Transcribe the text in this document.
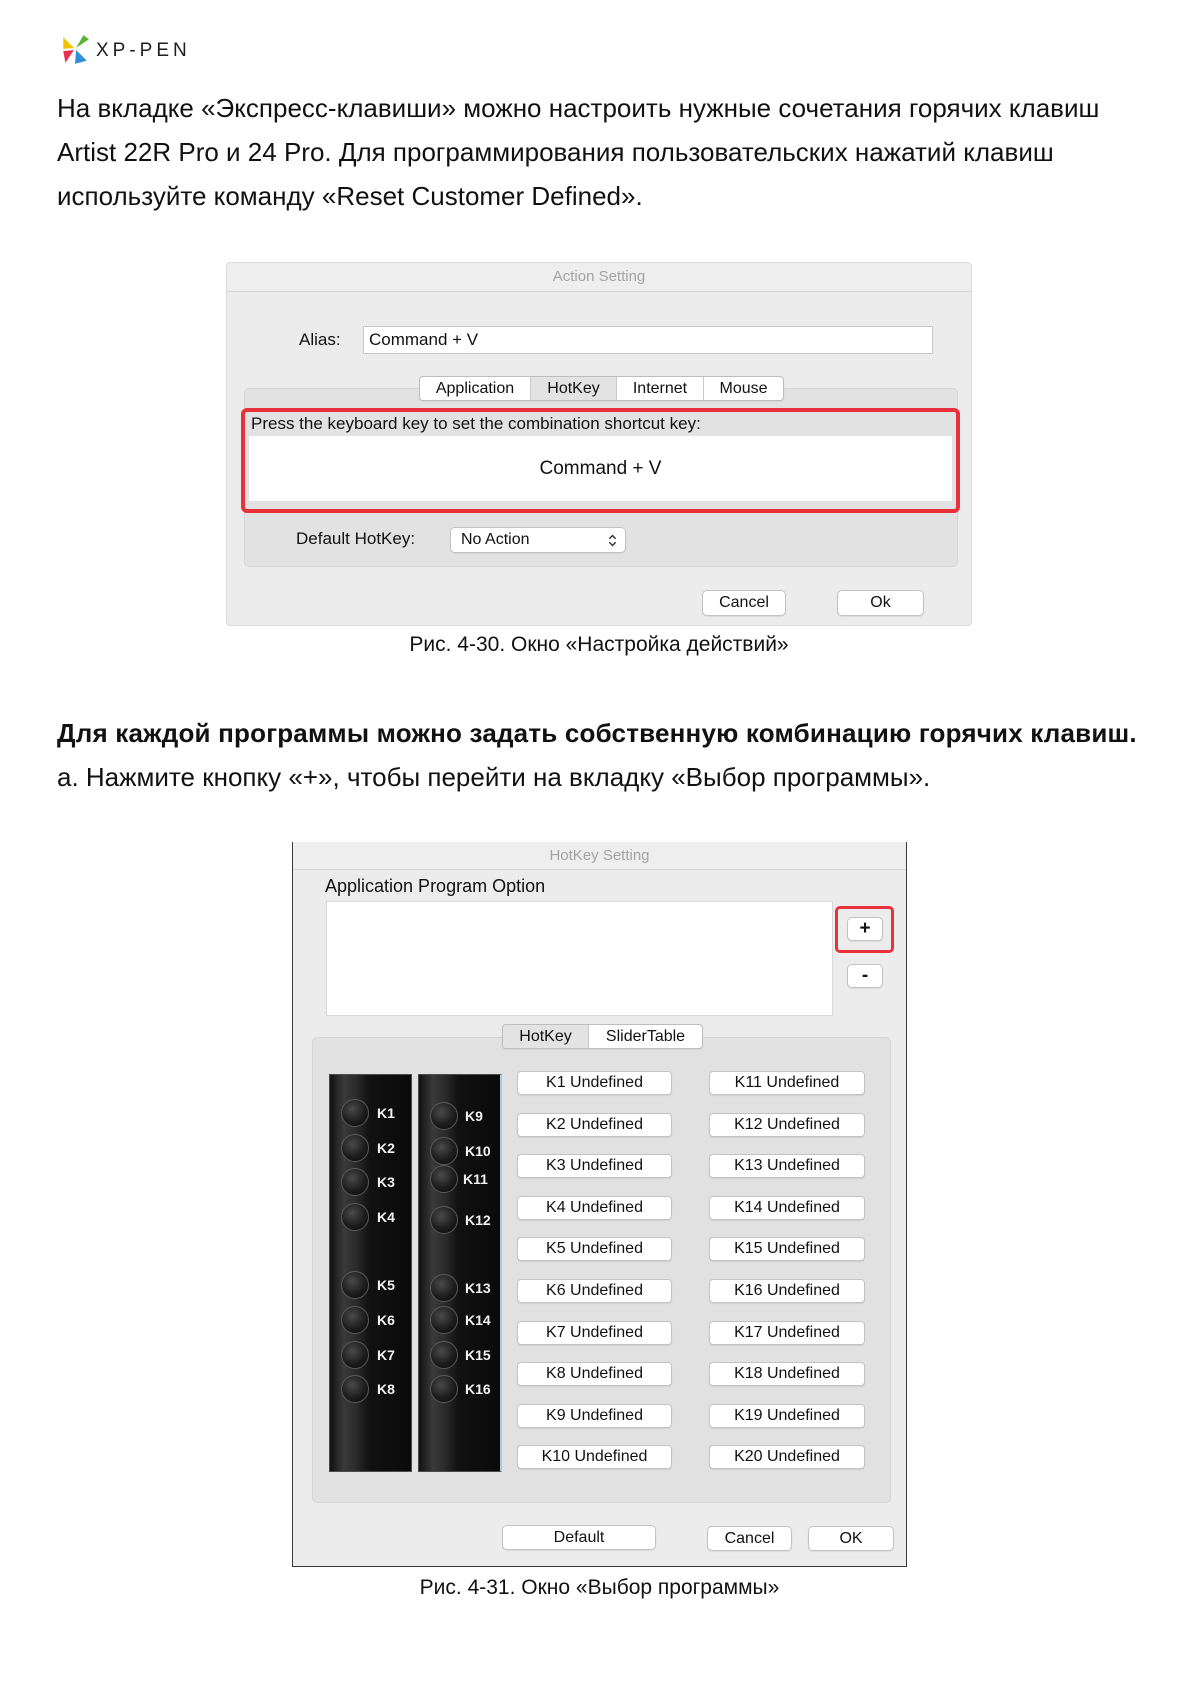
XP-PEN
На вкладке «Экспресс-клавиши» можно настроить нужные сочетания горячих клавиш
Artist 22R Pro и 24 Pro. Для программирования пользовательских нажатий клавиш
используйте команду «Reset Customer Defined».
Action Setting
Alias: Command + V
Application	HotKey	Internet	Mouse
Press the keyboard key to set the combination shortcut key:
Command + V
Default HotKey:	No Action
Cancel	Ok
Рис. 4-30. Окно «Настройка действий»
Для каждой программы можно задать собственную комбинацию горячих клавиш.
а. Нажмите кнопку «+», чтобы перейти на вкладку «Выбор программы».
HotKey Setting
Application Program Option
+
-
HotKey	SliderTable
K1
K2
K3
K4
K5
K6
K7
K8
K9
K10
K11
K12
K13
K14
K15
K16
K1 Undefined
K2 Undefined
K3 Undefined
K4 Undefined
K5 Undefined
K6 Undefined
K7 Undefined
K8 Undefined
K9 Undefined
K10 Undefined
K11 Undefined
K12 Undefined
K13 Undefined
K14 Undefined
K15 Undefined
K16 Undefined
K17 Undefined
K18 Undefined
K19 Undefined
K20 Undefined
Default	Cancel	OK
Рис. 4-31. Окно «Выбор программы»
